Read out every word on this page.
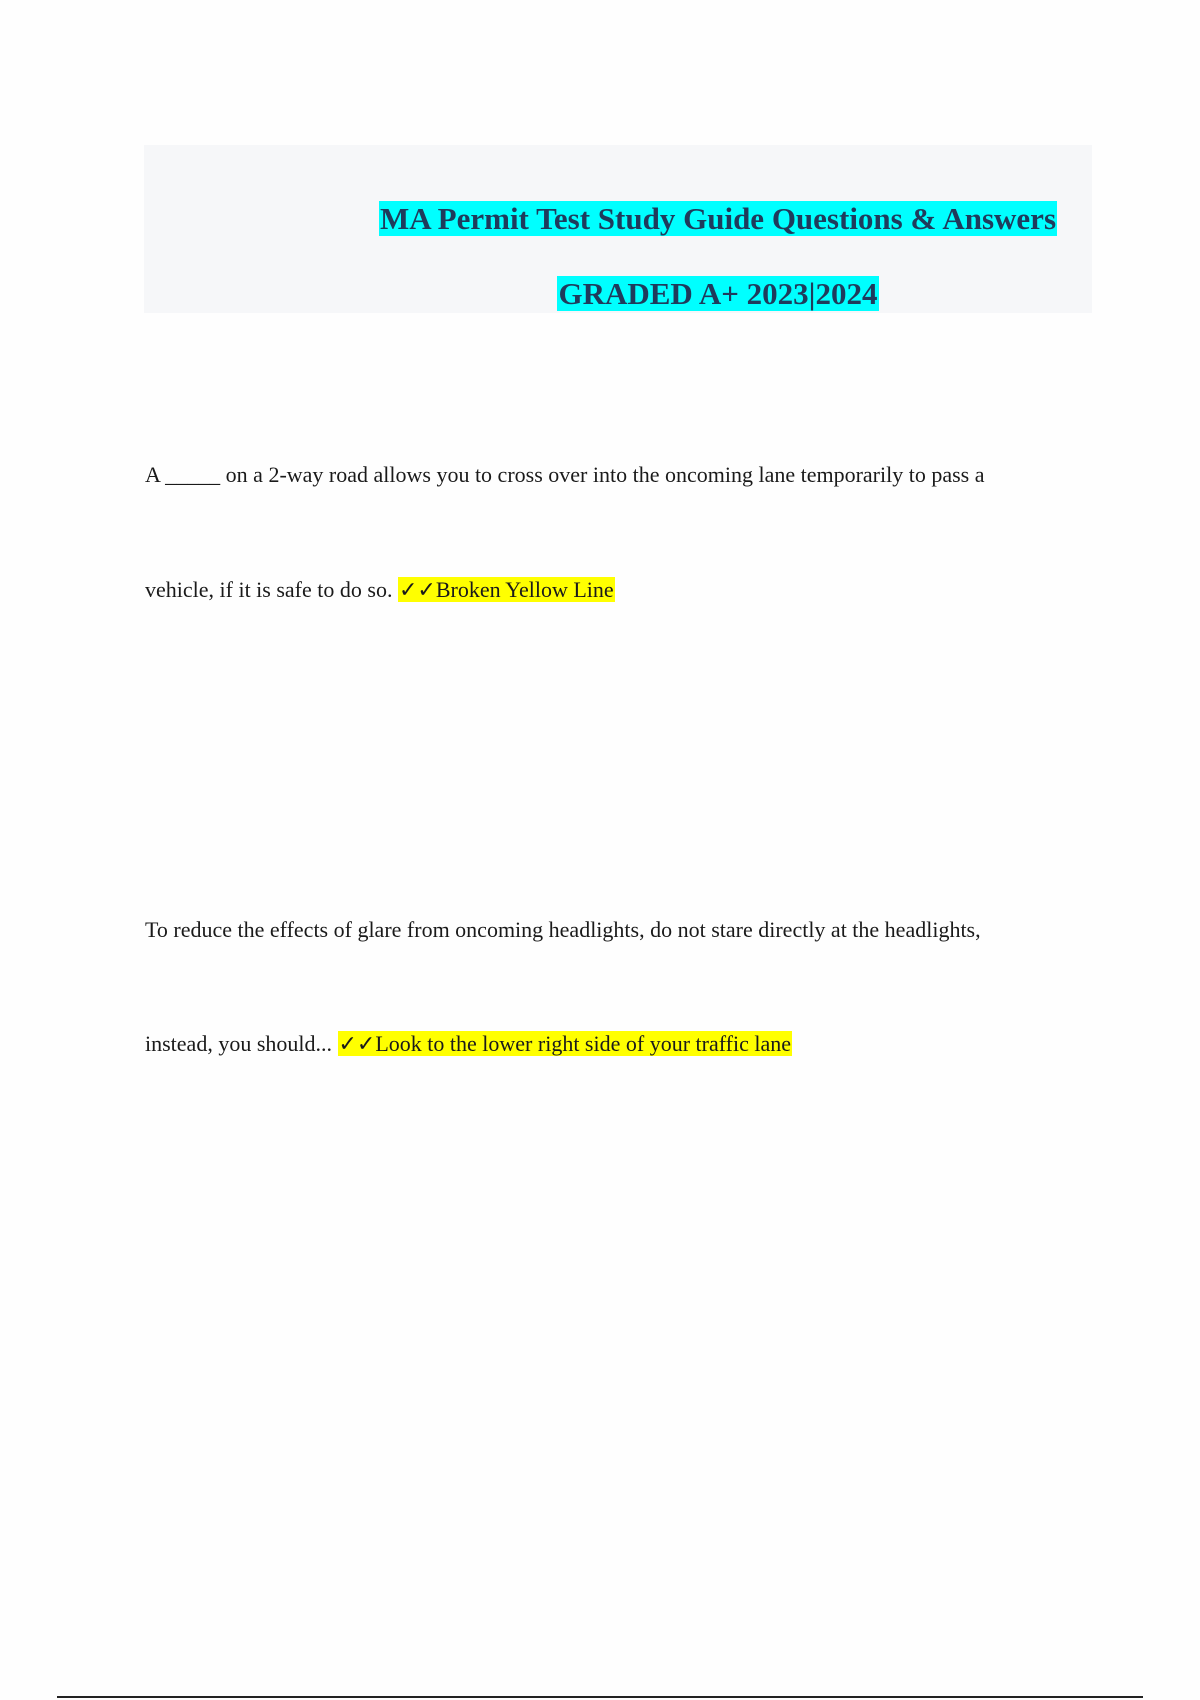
MA Permit Test Study Guide Questions & Answers
GRADED A+ 2023|2024
A _____ on a 2-way road allows you to cross over into the oncoming lane temporarily to pass a
vehicle, if it is safe to do so. ✓✓Broken Yellow Line
To reduce the effects of glare from oncoming headlights, do not stare directly at the headlights,
instead, you should... ✓✓Look to the lower right side of your traffic lane
